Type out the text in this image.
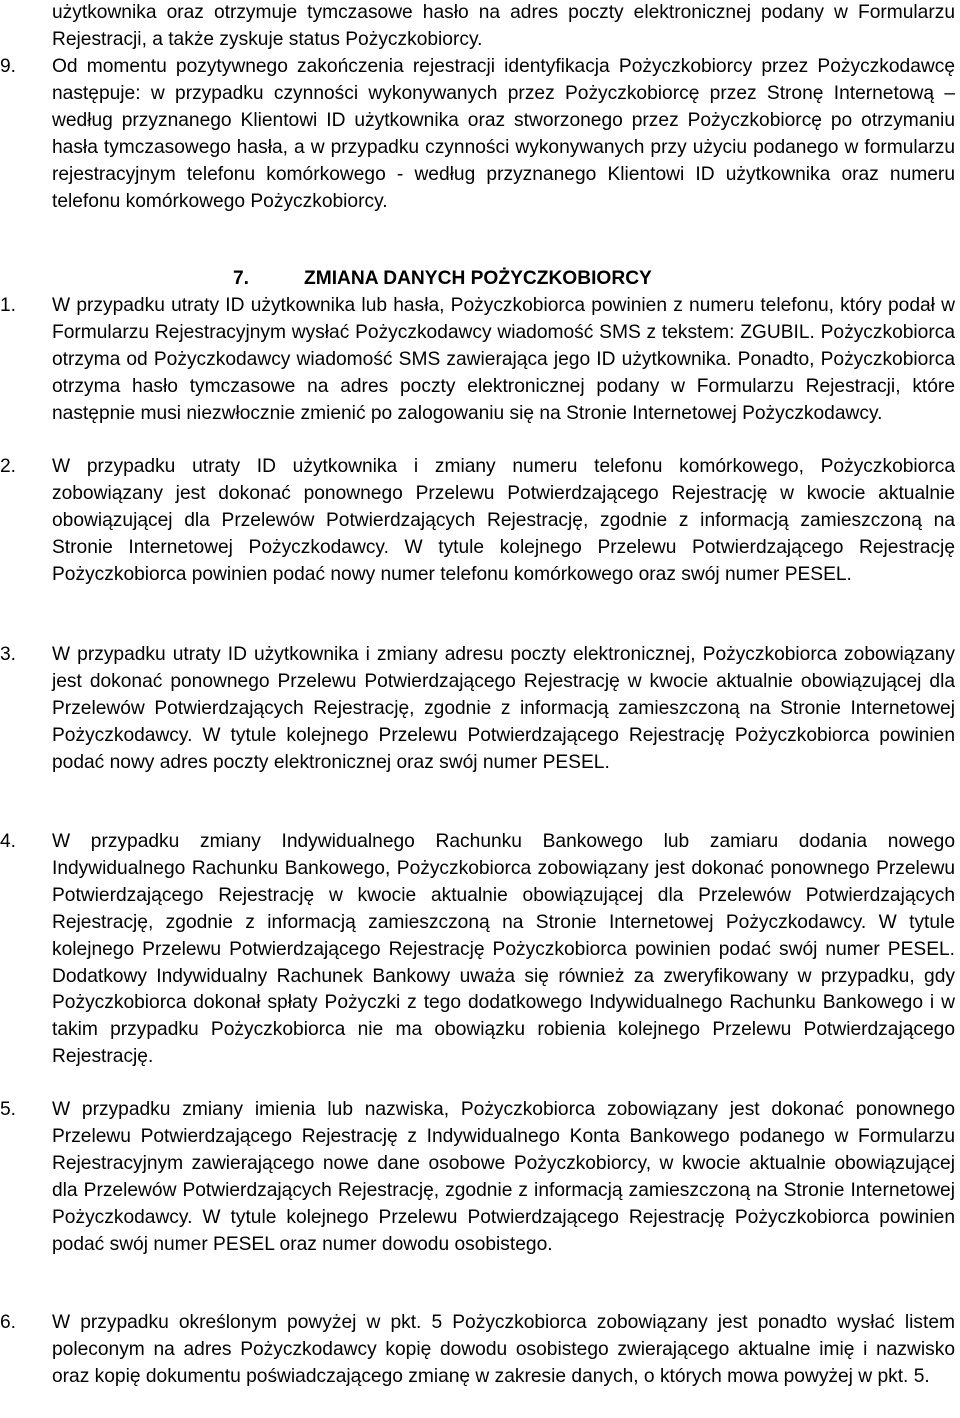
użytkownika oraz otrzymuje tymczasowe hasło na adres poczty elektronicznej podany w Formularzu Rejestracji, a także zyskuje status Pożyczkobiorcy.
9.	Od momentu pozytywnego zakończenia rejestracji identyfikacja Pożyczkobiorcy przez Pożyczkodawcę następuje: w przypadku czynności wykonywanych przez Pożyczkobiorcę przez Stronę Internetową – według przyznanego Klientowi ID użytkownika oraz stworzonego przez Pożyczkobiorcę po otrzymaniu hasła tymczasowego hasła, a w przypadku czynności wykonywanych przy użyciu podanego w formularzu rejestracyjnym telefonu komórkowego - według przyznanego Klientowi ID użytkownika oraz numeru telefonu komórkowego Pożyczkobiorcy.
7.	ZMIANA DANYCH POŻYCZKOBIORCY
1.	W przypadku utraty ID użytkownika lub hasła, Pożyczkobiorca powinien z numeru telefonu, który podał w Formularzu Rejestracyjnym wysłać Pożyczkodawcy wiadomość SMS z tekstem: ZGUBIL. Pożyczkobiorca otrzyma od Pożyczkodawcy wiadomość SMS zawierająca jego ID użytkownika. Ponadto, Pożyczkobiorca otrzyma hasło tymczasowe na adres poczty elektronicznej podany w Formularzu Rejestracji, które następnie musi niezwłocznie zmienić po zalogowaniu się na Stronie Internetowej Pożyczkodawcy.
2.	W przypadku utraty ID użytkownika i zmiany numeru telefonu komórkowego, Pożyczkobiorca zobowiązany jest dokonać ponownego Przelewu Potwierdzającego Rejestrację w kwocie aktualnie obowiązującej dla Przelewów Potwierdzających Rejestrację, zgodnie z informacją zamieszczoną na Stronie Internetowej Pożyczkodawcy. W tytule kolejnego Przelewu Potwierdzającego Rejestrację Pożyczkobiorca powinien podać nowy numer telefonu komórkowego oraz swój numer PESEL.
3.	W przypadku utraty ID użytkownika i zmiany adresu poczty elektronicznej, Pożyczkobiorca zobowiązany jest dokonać ponownego Przelewu Potwierdzającego Rejestrację w kwocie aktualnie obowiązującej dla Przelewów Potwierdzających Rejestrację, zgodnie z informacją zamieszczoną na Stronie Internetowej Pożyczkodawcy. W tytule kolejnego Przelewu Potwierdzającego Rejestrację Pożyczkobiorca powinien podać nowy adres poczty elektronicznej oraz swój numer PESEL.
4.	W przypadku zmiany Indywidualnego Rachunku Bankowego lub zamiaru dodania nowego Indywidualnego Rachunku Bankowego, Pożyczkobiorca zobowiązany jest dokonać ponownego Przelewu Potwierdzającego Rejestrację w kwocie aktualnie obowiązującej dla Przelewów Potwierdzających Rejestrację, zgodnie z informacją zamieszczoną na Stronie Internetowej Pożyczkodawcy. W tytule kolejnego Przelewu Potwierdzającego Rejestrację Pożyczkobiorca powinien podać swój numer PESEL. Dodatkowy Indywidualny Rachunek Bankowy uważa się również za zweryfikowany w przypadku, gdy Pożyczkobiorca dokonał spłaty Pożyczki z tego dodatkowego Indywidualnego Rachunku Bankowego i w takim przypadku Pożyczkobiorca nie ma obowiązku robienia kolejnego Przelewu Potwierdzającego Rejestrację.
5.	W przypadku zmiany imienia lub nazwiska, Pożyczkobiorca zobowiązany jest dokonać ponownego Przelewu Potwierdzającego Rejestrację z Indywidualnego Konta Bankowego podanego w Formularzu Rejestracyjnym zawierającego nowe dane osobowe Pożyczkobiorcy, w kwocie aktualnie obowiązującej dla Przelewów Potwierdzających Rejestrację, zgodnie z informacją zamieszczoną na Stronie Internetowej Pożyczkodawcy. W tytule kolejnego Przelewu Potwierdzającego Rejestrację Pożyczkobiorca powinien podać swój numer PESEL oraz numer dowodu osobistego.
6.	W przypadku określonym powyżej w pkt. 5 Pożyczkobiorca zobowiązany jest ponadto wysłać listem poleconym na adres Pożyczkodawcy kopię dowodu osobistego zwierającego aktualne imię i nazwisko oraz kopię dokumentu poświadczającego zmianę w zakresie danych, o których mowa powyżej w pkt. 5.
